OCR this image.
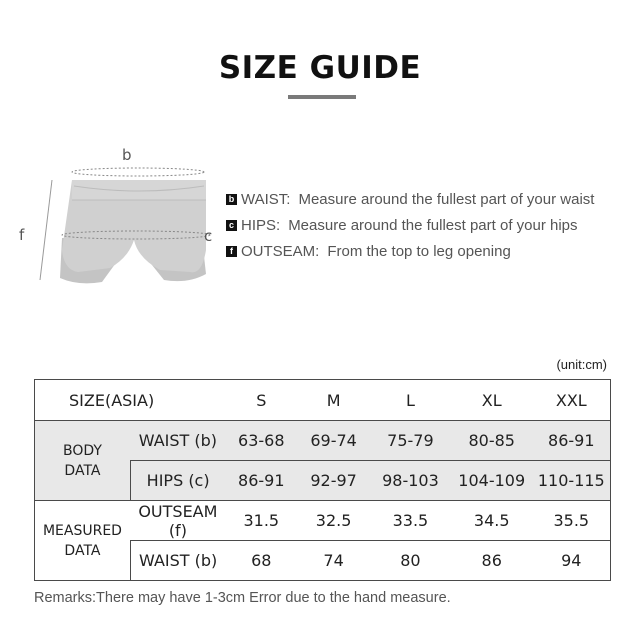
SIZE GUIDE
b
c
f
b WAIST: Measure around the fullest part of your waist
c HIPS: Measure around the fullest part of your hips
f OUTSEAM: From the top to leg opening
(unit:cm)
SIZE(ASIA)		S	M	L	XL	XXL
BODY
DATA	WAIST (b)	63-68	69-74	75-79	80-85	86-91
	HIPS (c)	86-91	92-97	98-103	104-109	110-115
MEASURED
DATA	OUTSEAM (f)	31.5	32.5	33.5	34.5	35.5
	WAIST (b)	68	74	80	86	94
Remarks:There may have 1-3cm Error due to the hand measure.
